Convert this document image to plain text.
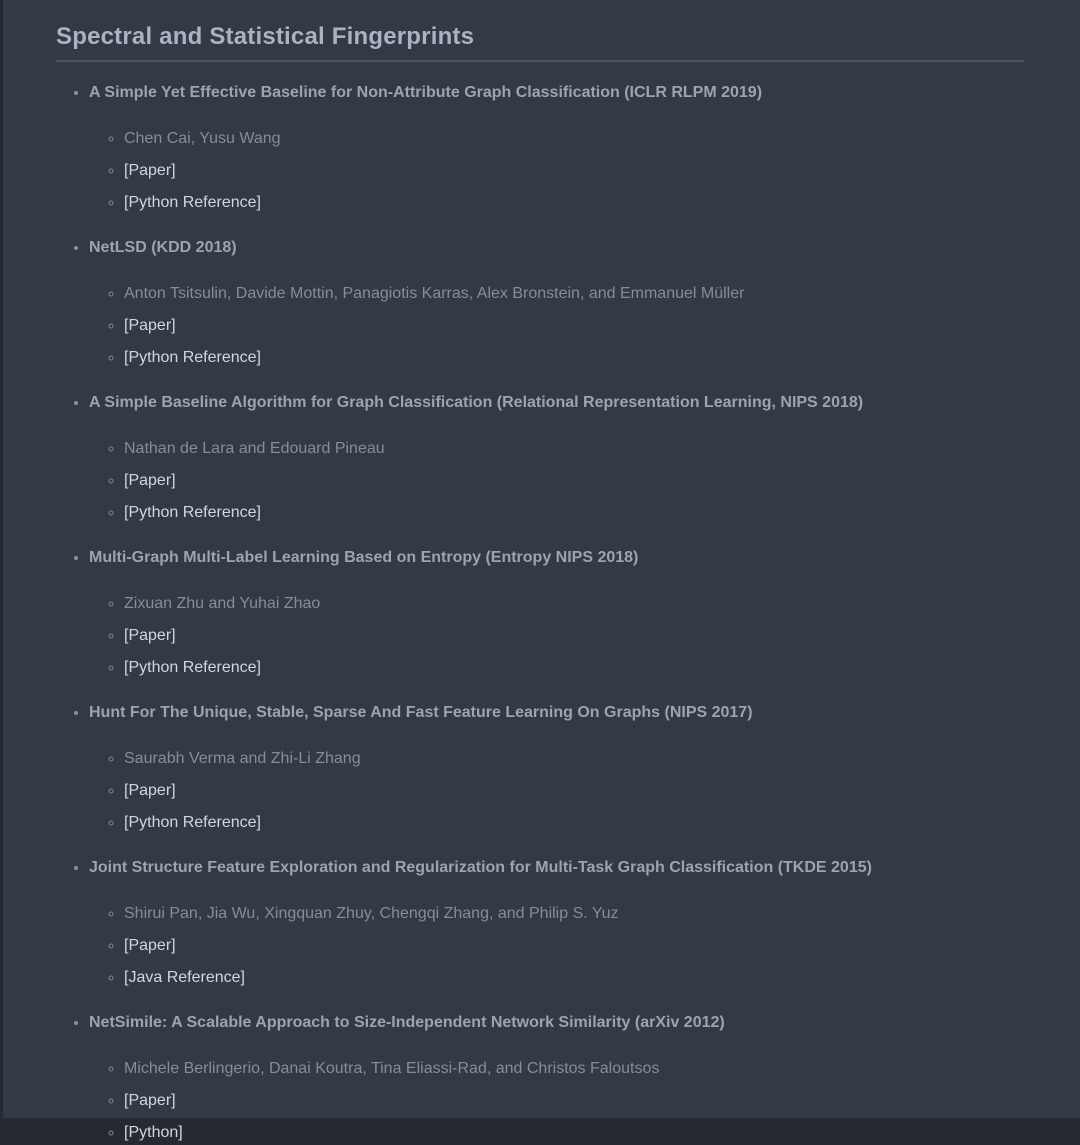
Spectral and Statistical Fingerprints
• A Simple Yet Effective Baseline for Non-Attribute Graph Classification (ICLR RLPM 2019)
◦ Chen Cai, Yusu Wang
◦ [Paper]
◦ [Python Reference]
• NetLSD (KDD 2018)
◦ Anton Tsitsulin, Davide Mottin, Panagiotis Karras, Alex Bronstein, and Emmanuel Müller
◦ [Paper]
◦ [Python Reference]
• A Simple Baseline Algorithm for Graph Classification (Relational Representation Learning, NIPS 2018)
◦ Nathan de Lara and Edouard Pineau
◦ [Paper]
◦ [Python Reference]
• Multi-Graph Multi-Label Learning Based on Entropy (Entropy NIPS 2018)
◦ Zixuan Zhu and Yuhai Zhao
◦ [Paper]
◦ [Python Reference]
• Hunt For The Unique, Stable, Sparse And Fast Feature Learning On Graphs (NIPS 2017)
◦ Saurabh Verma and Zhi-Li Zhang
◦ [Paper]
◦ [Python Reference]
• Joint Structure Feature Exploration and Regularization for Multi-Task Graph Classification (TKDE 2015)
◦ Shirui Pan, Jia Wu, Xingquan Zhuy, Chengqi Zhang, and Philip S. Yuz
◦ [Paper]
◦ [Java Reference]
• NetSimile: A Scalable Approach to Size-Independent Network Similarity (arXiv 2012)
◦ Michele Berlingerio, Danai Koutra, Tina Eliassi-Rad, and Christos Faloutsos
◦ [Paper]
◦ [Python]
